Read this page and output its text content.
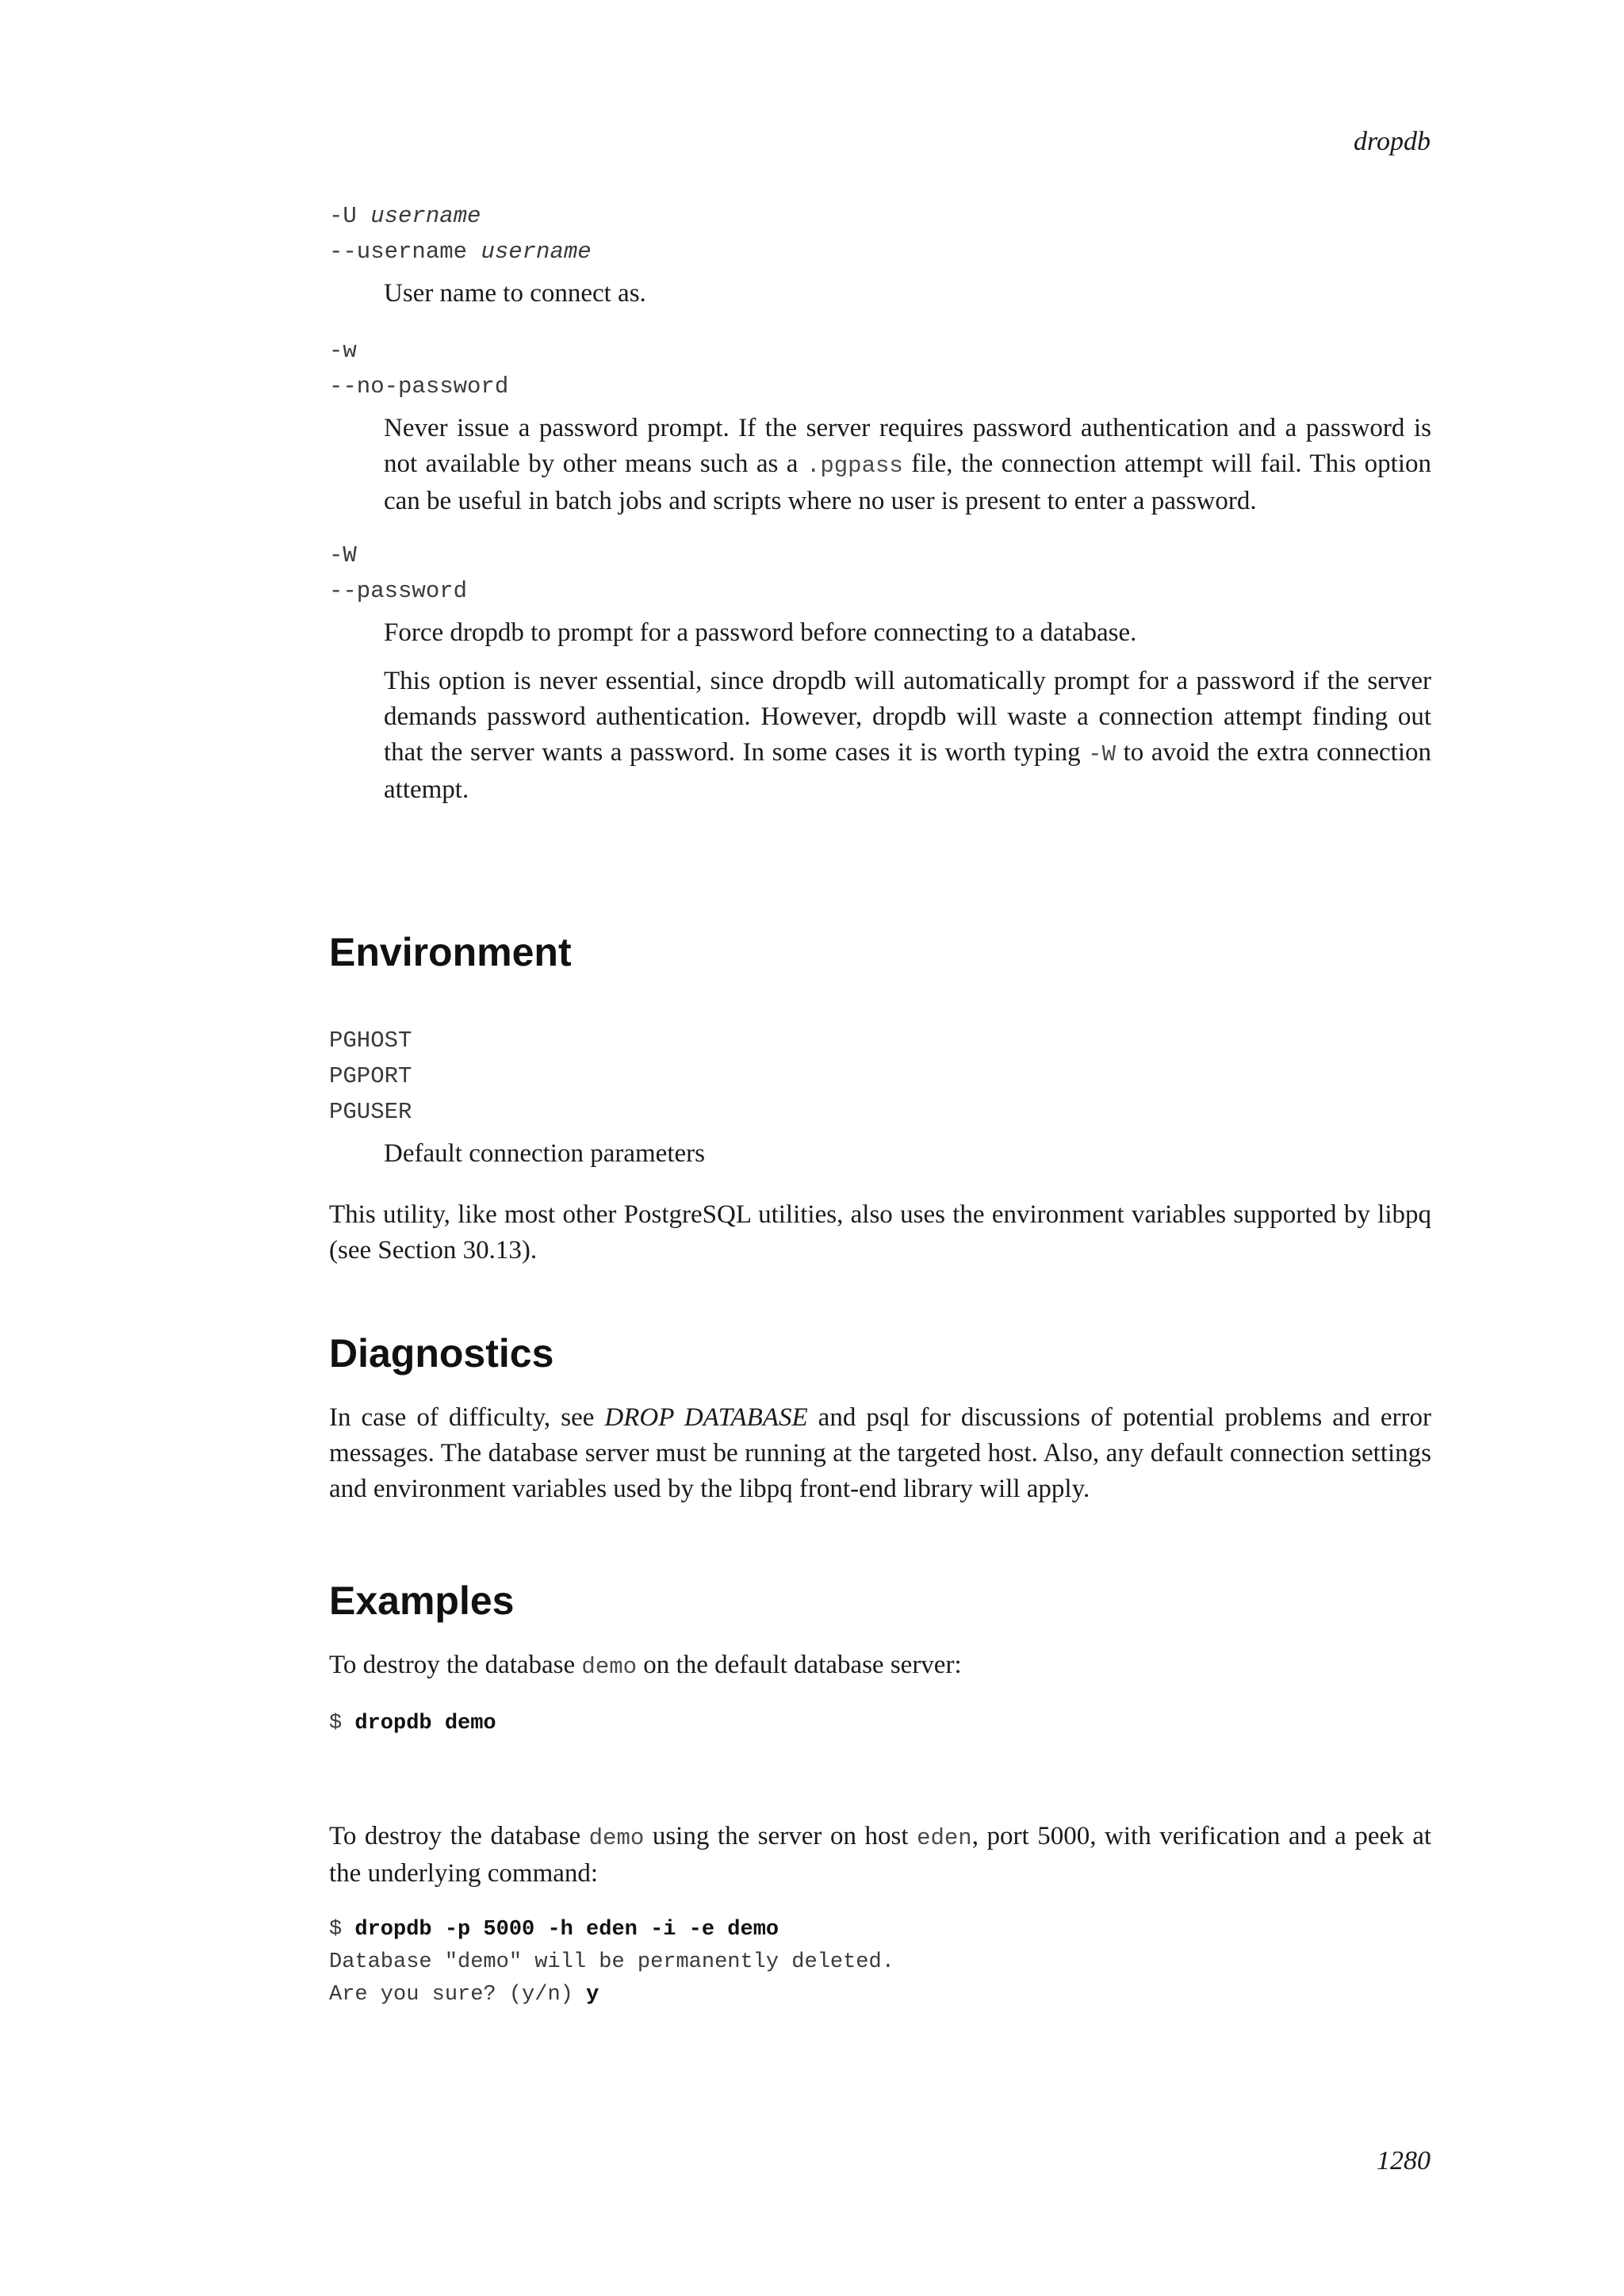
dropdb
-U username
--username username
User name to connect as.
-w
--no-password
Never issue a password prompt. If the server requires password authentication and a password is not available by other means such as a .pgpass file, the connection attempt will fail. This option can be useful in batch jobs and scripts where no user is present to enter a password.
-W
--password
Force dropdb to prompt for a password before connecting to a database.
This option is never essential, since dropdb will automatically prompt for a password if the server demands password authentication. However, dropdb will waste a connection attempt finding out that the server wants a password. In some cases it is worth typing -W to avoid the extra connection attempt.
Environment
PGHOST
PGPORT
PGUSER
Default connection parameters
This utility, like most other PostgreSQL utilities, also uses the environment variables supported by libpq (see Section 30.13).
Diagnostics
In case of difficulty, see DROP DATABASE and psql for discussions of potential problems and error messages. The database server must be running at the targeted host. Also, any default connection settings and environment variables used by the libpq front-end library will apply.
Examples
To destroy the database demo on the default database server:
$ dropdb demo
To destroy the database demo using the server on host eden, port 5000, with verification and a peek at the underlying command:
$ dropdb -p 5000 -h eden -i -e demo
Database "demo" will be permanently deleted.
Are you sure? (y/n) y
1280
